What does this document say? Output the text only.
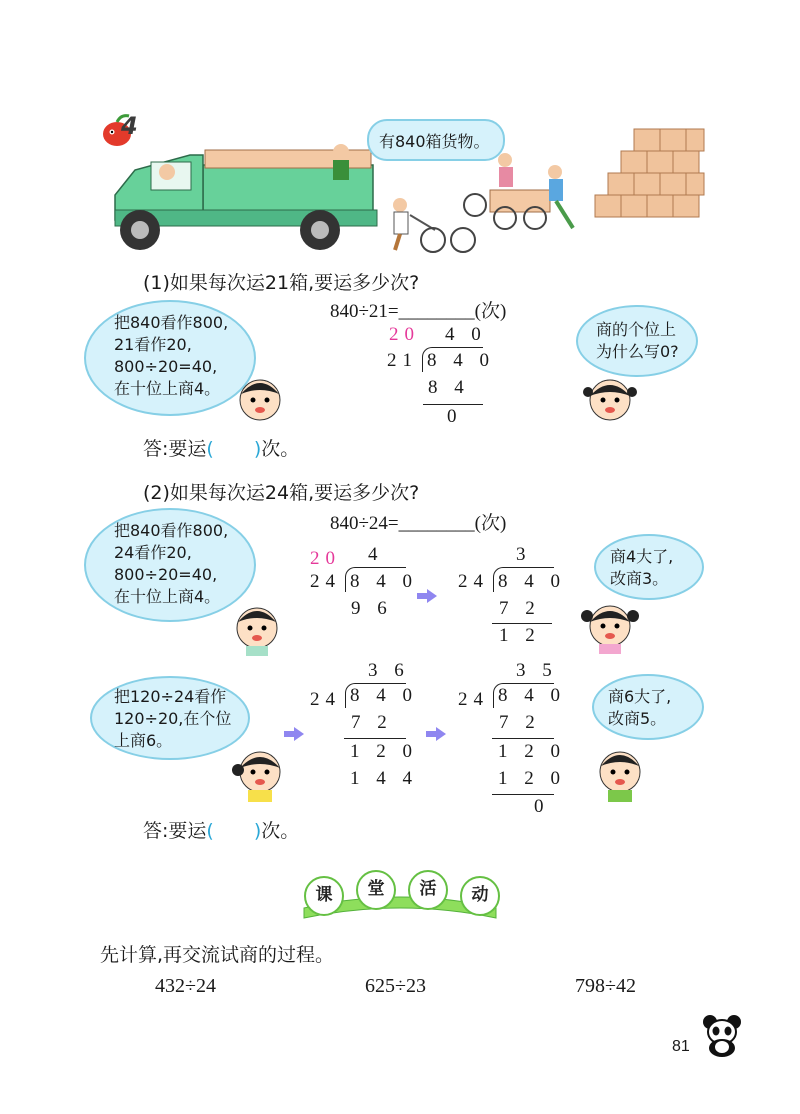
4
有840箱货物。
(1)如果每次运21箱,要运多少次?
840÷21=________(次)
把840看作800,
21看作20,
800÷20=40,
在十位上商4。
20 4 0
21 8 4 0
8 4
0
商的个位上
为什么写0?
答:要运( )次。
(2)如果每次运24箱,要运多少次?
840÷24=________(次)
把840看作800,
24看作20,
800÷20=40,
在十位上商4。
20 4
24 8 4 0
9 6
3
24 8 4 0
7 2
1 2
商4大了,
改商3。
把120÷24看作
120÷20,在个位
上商6。
3 6
24 8 4 0
7 2
1 2 0
1 4 4
3 5
24 8 4 0
7 2
1 2 0
1 2 0
0
商6大了,
改商5。
答:要运( )次。
课	堂	活	动
先计算,再交流试商的过程。
432÷24	625÷23	798÷42
81
